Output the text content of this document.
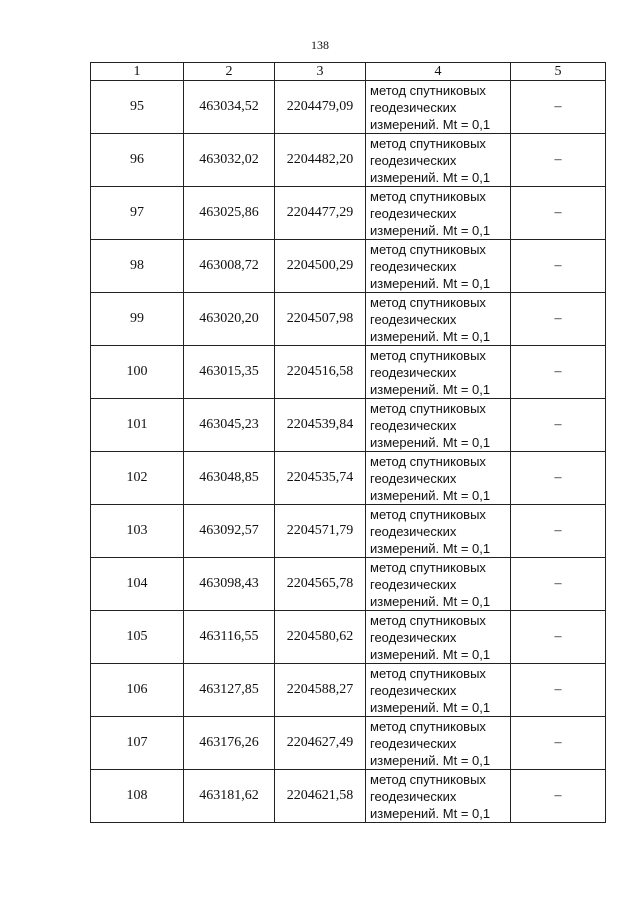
138
1	2	3	4	5
95	463034,52	2204479,09	метод спутниковых геодезических измерений. Mt = 0,1	–
96	463032,02	2204482,20	метод спутниковых геодезических измерений. Mt = 0,1	–
97	463025,86	2204477,29	метод спутниковых геодезических измерений. Mt = 0,1	–
98	463008,72	2204500,29	метод спутниковых геодезических измерений. Mt = 0,1	–
99	463020,20	2204507,98	метод спутниковых геодезических измерений. Mt = 0,1	–
100	463015,35	2204516,58	метод спутниковых геодезических измерений. Mt = 0,1	–
101	463045,23	2204539,84	метод спутниковых геодезических измерений. Mt = 0,1	–
102	463048,85	2204535,74	метод спутниковых геодезических измерений. Mt = 0,1	–
103	463092,57	2204571,79	метод спутниковых геодезических измерений. Mt = 0,1	–
104	463098,43	2204565,78	метод спутниковых геодезических измерений. Mt = 0,1	–
105	463116,55	2204580,62	метод спутниковых геодезических измерений. Mt = 0,1	–
106	463127,85	2204588,27	метод спутниковых геодезических измерений. Mt = 0,1	–
107	463176,26	2204627,49	метод спутниковых геодезических измерений. Mt = 0,1	–
108	463181,62	2204621,58	метод спутниковых геодезических измерений. Mt = 0,1	–
